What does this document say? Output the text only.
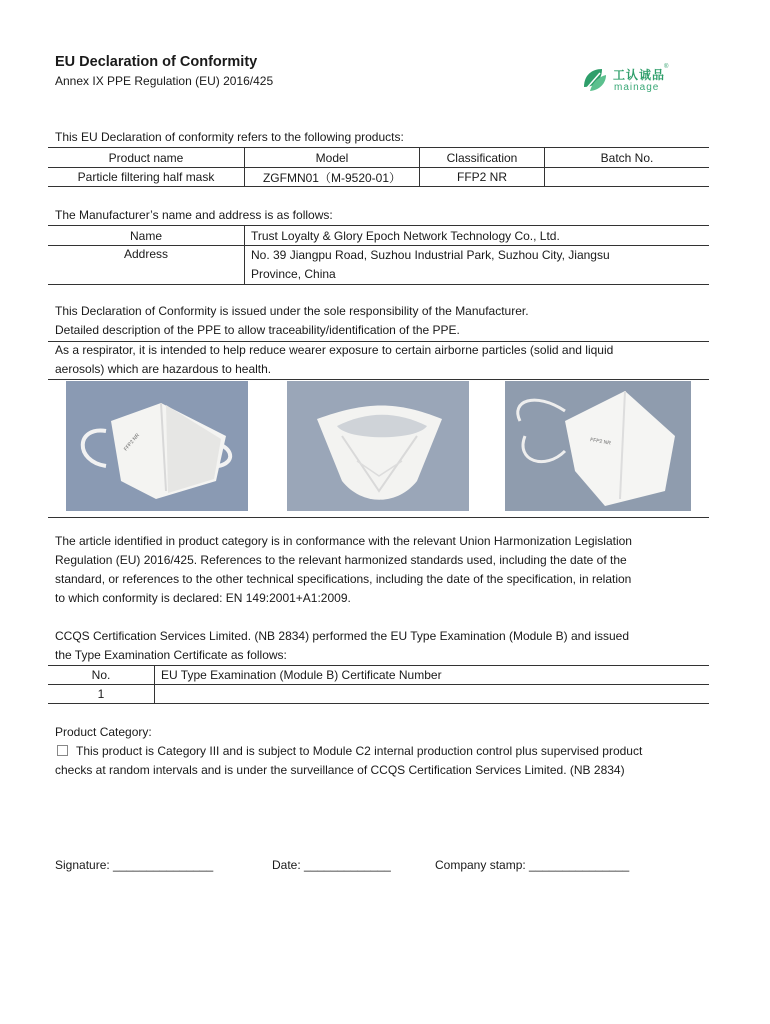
EU Declaration of Conformity
Annex IX PPE Regulation (EU) 2016/425	工认诚品
®
mainage
This EU Declaration of conformity refers to the following products:
Product name	Model	Classification	Batch No.
Particle filtering half mask	ZGFMN01（M-9520-01）	FFP2 NR	
The Manufacturer’s name and address is as follows:
Name	Trust Loyalty & Glory Epoch Network Technology Co., Ltd.
Address	No. 39 Jiangpu Road, Suzhou Industrial Park, Suzhou City, Jiangsu
Province, China
This Declaration of Conformity is issued under the sole responsibility of the Manufacturer.
Detailed description of the PPE to allow traceability/identification of the PPE.
As a respirator, it is intended to help reduce wearer exposure to certain airborne particles (solid and liquid
aerosols) which are hazardous to health.
FFP2 NR	FFP2 NR
The article identified in product category is in conformance with the relevant Union Harmonization Legislation
Regulation (EU) 2016/425. References to the relevant harmonized standards used, including the date of the
standard, or references to the other technical specifications, including the date of the specification, in relation
to which conformity is declared: EN 149:2001+A1:2009.
CCQS Certification Services Limited. (NB 2834) performed the EU Type Examination (Module B) and issued
the Type Examination Certificate as follows:
No.	EU Type Examination (Module B) Certificate Number
1	
Product Category:
This product is Category III and is subject to Module C2 internal production control plus supervised product
checks at random intervals and is under the surveillance of CCQS Certification Services Limited. (NB 2834)
Signature: _______________	Date: _____________	Company stamp: _______________
